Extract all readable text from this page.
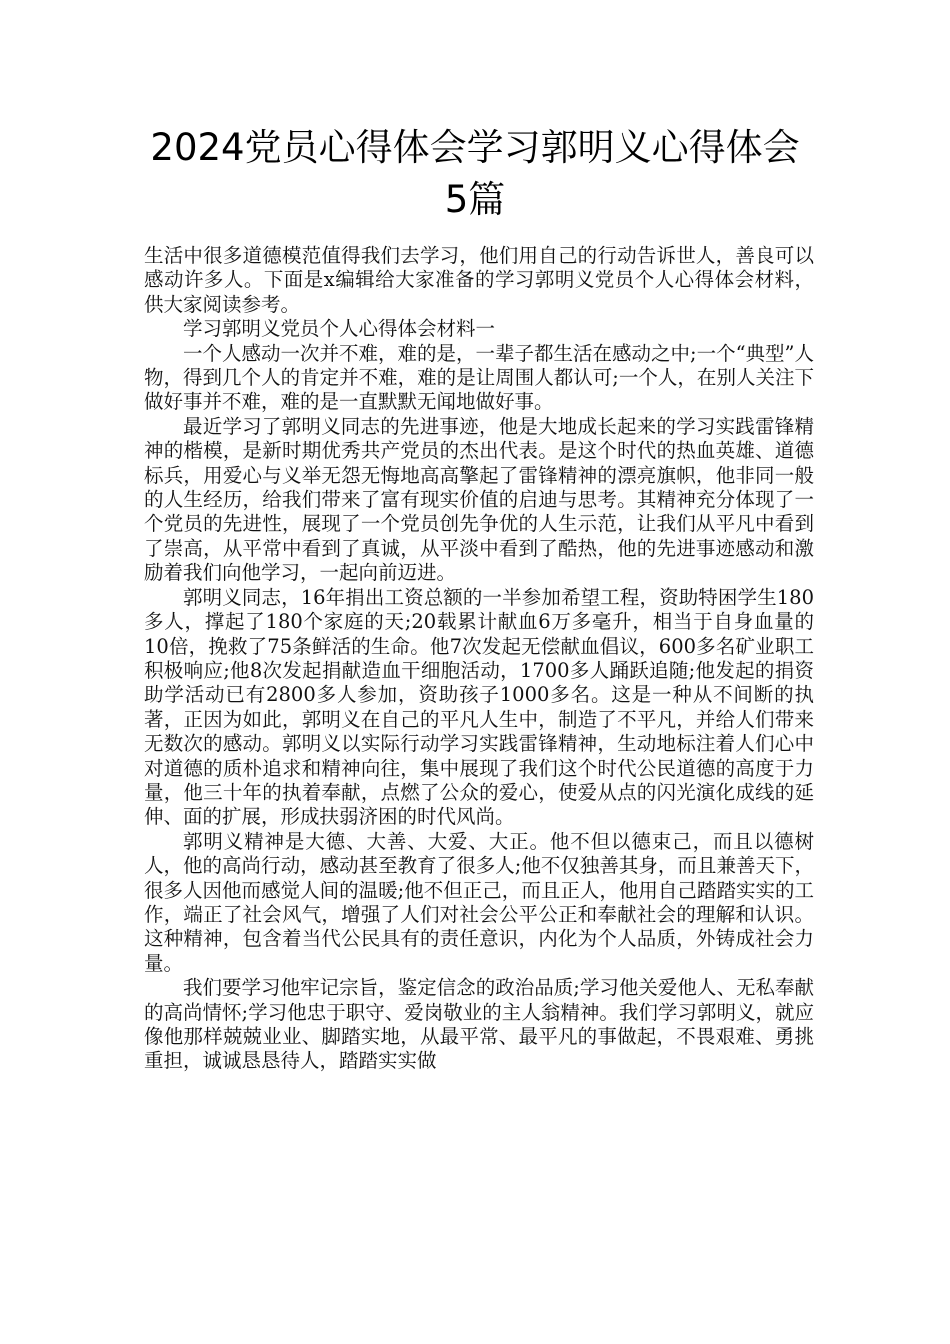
2024党员心得体会学习郭明义心得体会
5篇

生活中很多道德模范值得我们去学习，他们用自己的行动告诉世人，善良可以感动许多人。下面是x编辑给大家准备的学习郭明义党员个人心得体会材料，供大家阅读参考。

学习郭明义党员个人心得体会材料一

一个人感动一次并不难，难的是，一辈子都生活在感动之中;一个“典型”人物，得到几个人的肯定并不难，难的是让周围人都认可;一个人，在别人关注下做好事并不难，难的是一直默默无闻地做好事。

最近学习了郭明义同志的先进事迹，他是大地成长起来的学习实践雷锋精神的楷模，是新时期优秀共产党员的杰出代表。是这个时代的热血英雄、道德标兵，用爱心与义举无怨无悔地高高擎起了雷锋精神的漂亮旗帜，他非同一般的人生经历，给我们带来了富有现实价值的启迪与思考。其精神充分体现了一个党员的先进性，展现了一个党员创先争优的人生示范，让我们从平凡中看到了崇高，从平常中看到了真诚，从平淡中看到了酷热，他的先进事迹感动和激励着我们向他学习，一起向前迈进。

郭明义同志，16年捐出工资总额的一半参加希望工程，资助特困学生180多人，撑起了180个家庭的天;20载累计献血6万多毫升，相当于自身血量的10倍，挽救了75条鲜活的生命。他7次发起无偿献血倡议，600多名矿业职工积极响应;他8次发起捐献造血干细胞活动，1700多人踊跃追随;他发起的捐资助学活动已有2800多人参加，资助孩子1000多名。这是一种从不间断的执著，正因为如此，郭明义在自己的平凡人生中，制造了不平凡，并给人们带来无数次的感动。郭明义以实际行动学习实践雷锋精神，生动地标注着人们心中对道德的质朴追求和精神向往，集中展现了我们这个时代公民道德的高度于力量，他三十年的执着奉献，点燃了公众的爱心，使爱从点的闪光演化成线的延伸、面的扩展，形成扶弱济困的时代风尚。

郭明义精神是大德、大善、大爱、大正。他不但以德束己，而且以德树人，他的高尚行动，感动甚至教育了很多人;他不仅独善其身，而且兼善天下，很多人因他而感觉人间的温暖;他不但正己，而且正人，他用自己踏踏实实的工作，端正了社会风气，增强了人们对社会公平公正和奉献社会的理解和认识。这种精神，包含着当代公民具有的责任意识，内化为个人品质，外铸成社会力量。

我们要学习他牢记宗旨，鉴定信念的政治品质;学习他关爱他人、无私奉献的高尚情怀;学习他忠于职守、爱岗敬业的主人翁精神。我们学习郭明义，就应像他那样兢兢业业、脚踏实地，从最平常、最平凡的事做起，不畏艰难、勇挑重担，诚诚恳恳待人，踏踏实实做
